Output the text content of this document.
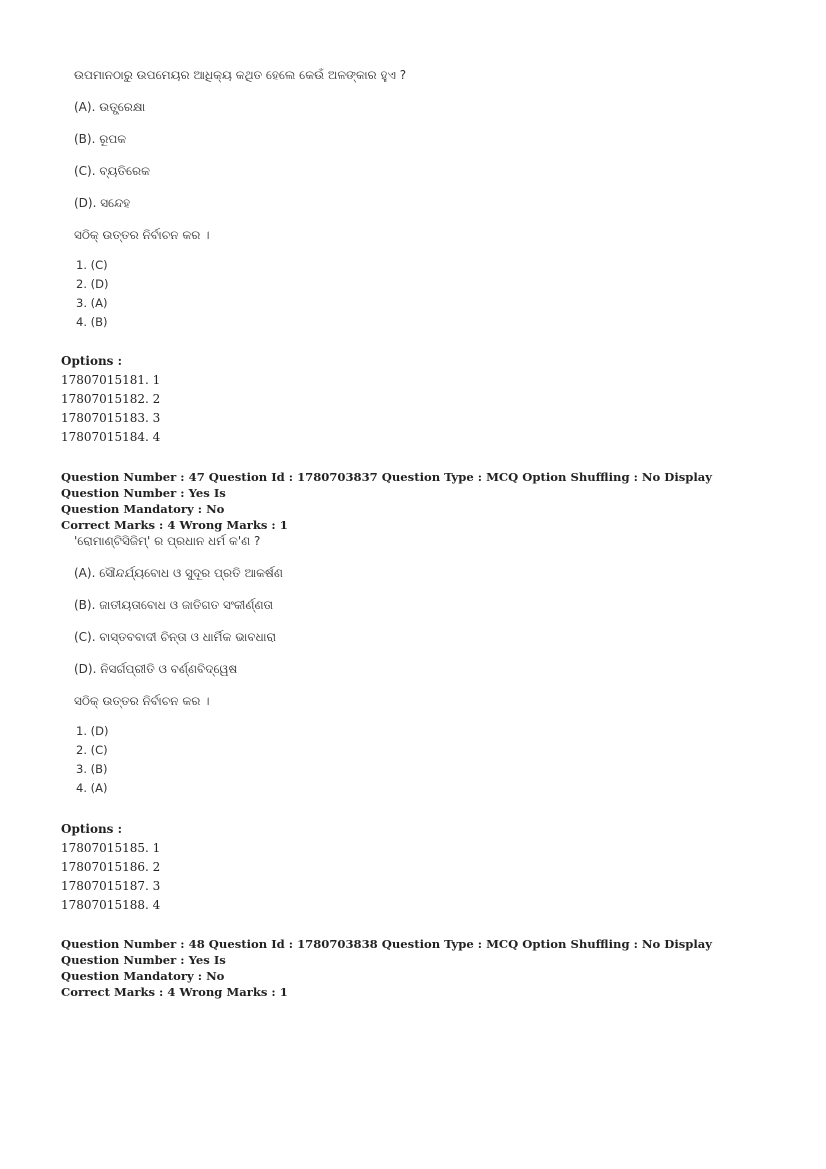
ଉପମାନଠାରୁ ଉପମେୟର ଆଧିକ୍ୟ କଥିତ ହେଲେ କେଉଁ ଅଳଙ୍କାର ହୁଏ ?
(A). ଉତ୍ପ୍ରେକ୍ଷା
(B). ରୂପକ
(C). ବ୍ୟତିରେକ
(D). ସନ୍ଦେହ
ସଠିକ୍ ଉତ୍ତର ନିର୍ବାଚନ କର ।
1. (C)
2. (D)
3. (A)
4. (B)
Options :
17807015181. 1
17807015182. 2
17807015183. 3
17807015184. 4
Question Number : 47 Question Id : 1780703837 Question Type : MCQ Option Shuffling : No Display Question Number : Yes Is
Question Mandatory : No
Correct Marks : 4 Wrong Marks : 1
'ରୋମାଣ୍ଟିସିଜିମ୍' ର ପ୍ରଧାନ ଧର୍ମ କ'ଣ ?
(A). ସୌନ୍ଦର୍ଯ୍ୟବୋଧ ଓ ସୁଦୂର ପ୍ରତି ଆକର୍ଷଣ
(B). ଜାତୀୟତାବୋଧ ଓ ଜାତିଗତ ସଂକୀର୍ଣ୍ଣତା
(C). ବାସ୍ତବବାଦୀ ଚିନ୍ତା ଓ ଧାର୍ମିକ ଭାବଧାରା
(D). ନିସର୍ଗପ୍ରୀତି ଓ ବର୍ଣ୍ଣବିଦ୍ୱେଷ
ସଠିକ୍ ଉତ୍ତର ନିର୍ବାଚନ କର ।
1. (D)
2. (C)
3. (B)
4. (A)
Options :
17807015185. 1
17807015186. 2
17807015187. 3
17807015188. 4
Question Number : 48 Question Id : 1780703838 Question Type : MCQ Option Shuffling : No Display Question Number : Yes Is
Question Mandatory : No
Correct Marks : 4 Wrong Marks : 1
